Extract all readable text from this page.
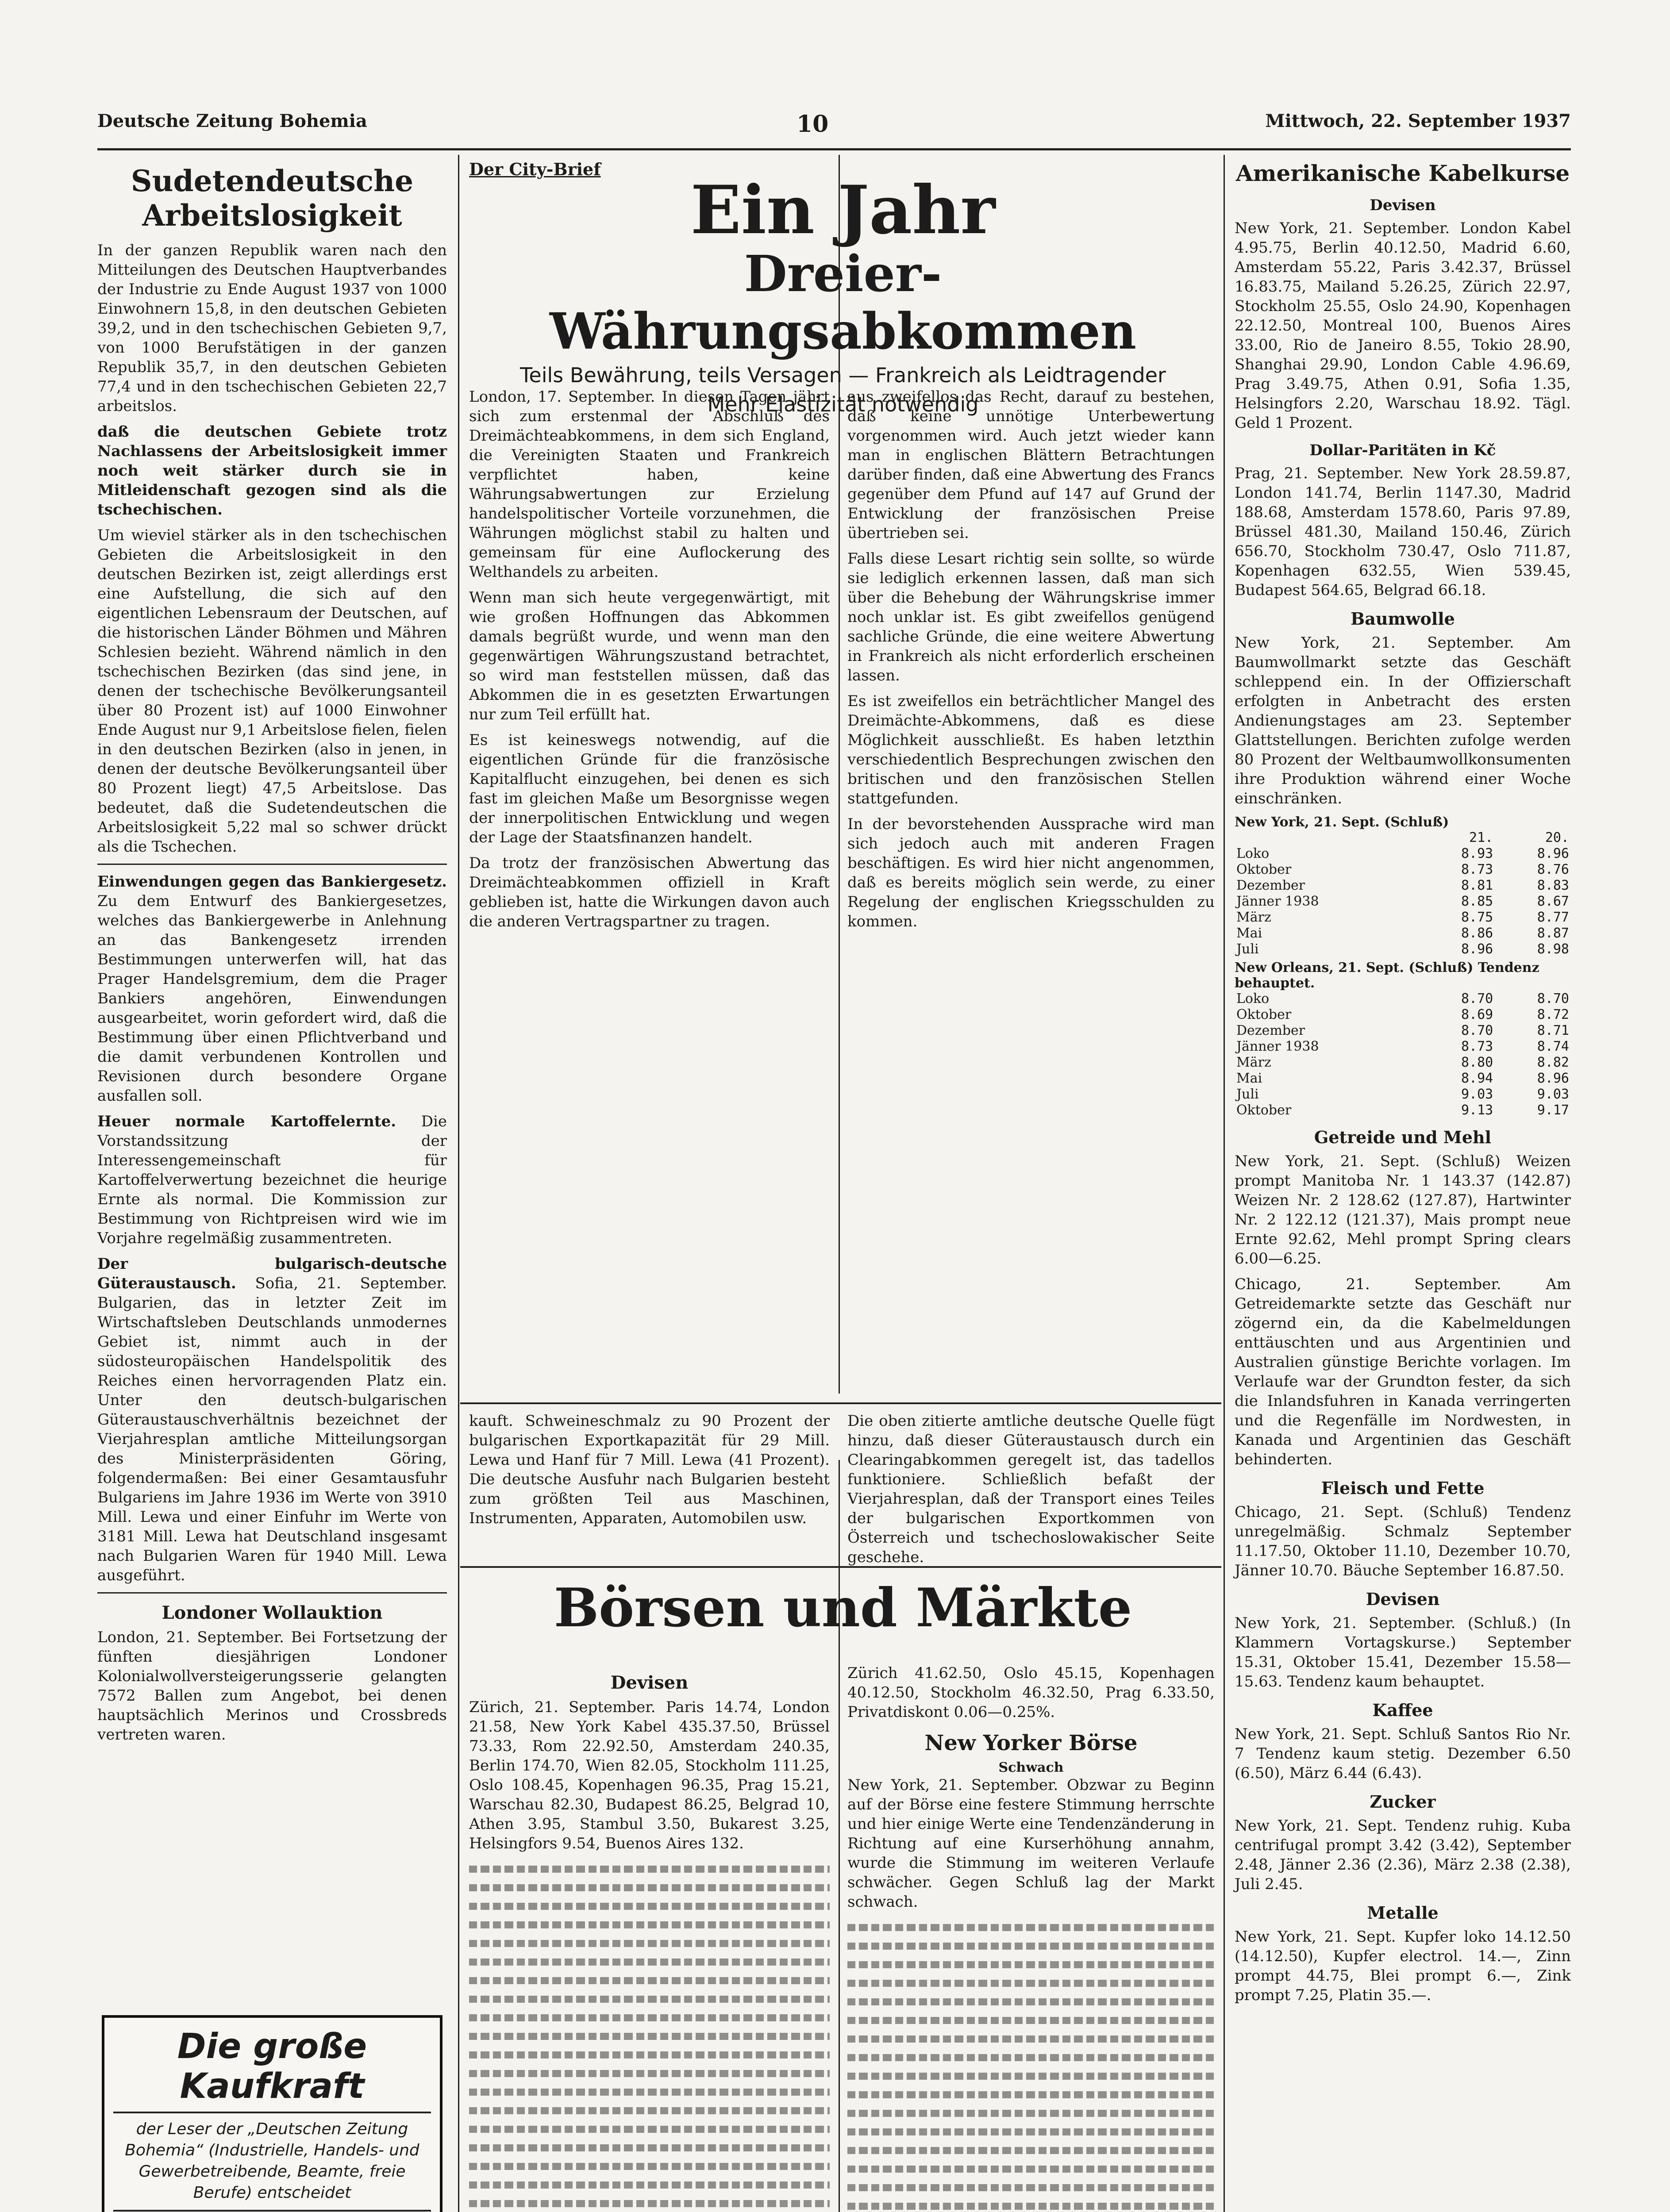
Deutsche Zeitung Bohemia	10	Mittwoch, 22. September 1937
Sudetendeutsche
Arbeitslosigkeit

In der ganzen Republik waren nach den Mitteilungen des Deutschen Hauptverbandes der Industrie zu Ende August 1937 von 1000 Einwohnern 15,8, in den deutschen Gebieten 39,2, und in den tschechischen Gebieten 9,7, von 1000 Berufstätigen in der ganzen Republik 35,7, in den deutschen Gebieten 77,4 und in den tschechischen Gebieten 22,7 arbeitslos.

daß die deutschen Gebiete trotz Nachlassens der Arbeitslosigkeit immer noch weit stärker durch sie in Mitleidenschaft gezogen sind als die tschechischen.

Um wieviel stärker als in den tschechischen Gebieten die Arbeitslosigkeit in den deutschen Bezirken ist, zeigt allerdings erst eine Aufstellung, die sich auf den eigentlichen Lebensraum der Deutschen, auf die historischen Länder Böhmen und Mähren Schlesien bezieht. Während nämlich in den tschechischen Bezirken (das sind jene, in denen der tschechische Bevölkerungsanteil über 80 Prozent ist) auf 1000 Einwohner Ende August nur 9,1 Arbeitslose fielen, fielen in den deutschen Bezirken (also in jenen, in denen der deutsche Bevölkerungsanteil über 80 Prozent liegt) 47,5 Arbeitslose. Das bedeutet, daß die Sudetendeutschen die Arbeitslosigkeit 5,22 mal so schwer drückt als die Tschechen.

Einwendungen gegen das Bankiergesetz. Zu dem Entwurf des Bankiergesetzes, welches das Bankiergewerbe in Anlehnung an das Bankengesetz irrenden Bestimmungen unterwerfen will, hat das Prager Handelsgremium, dem die Prager Bankiers angehören, Einwendungen ausgearbeitet, worin gefordert wird, daß die Bestimmung über einen Pflichtverband und die damit verbundenen Kontrollen und Revisionen durch besondere Organe ausfallen soll.

Heuer normale Kartoffelernte. Die Vorstandssitzung der Interessengemeinschaft für Kartoffelverwertung bezeichnet die heurige Ernte als normal. Die Kommission zur Bestimmung von Richtpreisen wird wie im Vorjahre regelmäßig zusammentreten.

Der bulgarisch-deutsche Güteraustausch. Sofia, 21. September. Bulgarien, das in letzter Zeit im Wirtschaftsleben Deutschlands unmodernes Gebiet ist, nimmt auch in der südosteuropäischen Handelspolitik des Reiches einen hervorragenden Platz ein. Unter den deutsch-bulgarischen Güteraustauschverhältnis bezeichnet der Vierjahresplan amtliche Mitteilungsorgan des Ministerpräsidenten Göring, folgendermaßen: Bei einer Gesamtausfuhr Bulgariens im Jahre 1936 im Werte von 3910 Mill. Lewa und einer Einfuhr im Werte von 3181 Mill. Lewa hat Deutschland insgesamt nach Bulgarien Waren für 1940 Mill. Lewa ausgeführt.

Londoner Wollauktion

London, 21. September. Bei Fortsetzung der fünften diesjährigen Londoner Kolonialwollversteigerungsserie gelangten 7572 Ballen zum Angebot, bei denen hauptsächlich Merinos und Crossbreds vertreten waren.

Die große Kaufkraft
der Leser der „Deutschen Zeitung Bohemia“ (Industrielle, Handels- und Gewerbetreibende, Beamte, freie Berufe) entscheidet
Der City-Brief
Ein Jahr
Dreier-Währungsabkommen
Teils Bewährung, teils Versagen — Frankreich als Leidtragender
Mehr Elastizität notwendig

London, 17. September. In diesen Tagen jährt sich zum erstenmal der Abschluß des Dreimächteabkommens, in dem sich England, die Vereinigten Staaten und Frankreich verpflichtet haben, keine Währungsabwertungen zur Erzielung handelspolitischer Vorteile vorzunehmen, die Währungen möglichst stabil zu halten und gemeinsam für eine Auflockerung des Welthandels zu arbeiten.

Wenn man sich heute vergegenwärtigt, mit wie großen Hoffnungen das Abkommen damals begrüßt wurde, und wenn man den gegenwärtigen Währungszustand betrachtet, so wird man feststellen müssen, daß das Abkommen die in es gesetzten Erwartungen nur zum Teil erfüllt hat.

Es ist keineswegs notwendig, auf die eigentlichen Gründe für die französische Kapitalflucht einzugehen, bei denen es sich fast im gleichen Maße um Besorgnisse wegen der innerpolitischen Entwicklung und wegen der Lage der Staatsfinanzen handelt.

Da trotz der französischen Abwertung das Dreimächteabkommen offiziell in Kraft geblieben ist, hatte die Wirkungen davon auch die anderen Vertragspartner zu tragen.

aus zweifellos das Recht, darauf zu bestehen, daß keine unnötige Unterbewertung vorgenommen wird. Auch jetzt wieder kann man in englischen Blättern Betrachtungen darüber finden, daß eine Abwertung des Francs gegenüber dem Pfund auf 147 auf Grund der Entwicklung der französischen Preise übertrieben sei.

Falls diese Lesart richtig sein sollte, so würde sie lediglich erkennen lassen, daß man sich über die Behebung der Währungskrise immer noch unklar ist. Es gibt zweifellos genügend sachliche Gründe, die eine weitere Abwertung in Frankreich als nicht erforderlich erscheinen lassen.

Es ist zweifellos ein beträchtlicher Mangel des Dreimächte-Abkommens, daß es diese Möglichkeit ausschließt. Es haben letzthin verschiedentlich Besprechungen zwischen den britischen und den französischen Stellen stattgefunden.

In der bevorstehenden Aussprache wird man sich jedoch auch mit anderen Fragen beschäftigen. Es wird hier nicht angenommen, daß es bereits möglich sein werde, zu einer Regelung der englischen Kriegsschulden zu kommen.

kauft. Schweineschmalz zu 90 Prozent der bulgarischen Exportkapazität für 29 Mill. Lewa und Hanf für 7 Mill. Lewa (41 Prozent). Die deutsche Ausfuhr nach Bulgarien besteht zum größten Teil aus Maschinen, Instrumenten, Apparaten, Automobilen usw.

Die oben zitierte amtliche deutsche Quelle fügt hinzu, daß dieser Güteraustausch durch ein Clearingabkommen geregelt ist, das tadellos funktioniere. Schließlich befaßt der Vierjahresplan, daß der Transport eines Teiles der bulgarischen Exportkommen von Österreich und tschechoslowakischer Seite geschehe.

Börsen und Märkte
Devisen

Zürich, 21. September. Paris 14.74, London 21.58, New York Kabel 435.37.50, Brüssel 73.33, Rom 22.92.50, Amsterdam 240.35, Berlin 174.70, Wien 82.05, Stockholm 111.25, Oslo 108.45, Kopenhagen 96.35, Prag 15.21, Warschau 82.30, Budapest 86.25, Belgrad 10, Athen 3.95, Stambul 3.50, Bukarest 3.25, Helsingfors 9.54, Buenos Aires 132.

Zürich 41.62.50, Oslo 45.15, Kopenhagen 40.12.50, Stockholm 46.32.50, Prag 6.33.50, Privatdiskont 0.06—0.25%.

New Yorker Börse
Schwach

New York, 21. September. Obzwar zu Beginn auf der Börse eine festere Stimmung herrschte und hier einige Werte eine Tendenzänderung in Richtung auf eine Kurserhöhung annahm, wurde die Stimmung im weiteren Verlaufe schwächer. Gegen Schluß lag der Markt schwach.

Amerikanische Kabelkurse
Devisen

New York, 21. September. London Kabel 4.95.75, Berlin 40.12.50, Madrid 6.60, Amsterdam 55.22, Paris 3.42.37, Brüssel 16.83.75, Mailand 5.26.25, Zürich 22.97, Stockholm 25.55, Oslo 24.90, Kopenhagen 22.12.50, Montreal 100, Buenos Aires 33.00, Rio de Janeiro 8.55, Tokio 28.90, Shanghai 29.90, London Cable 4.96.69, Prag 3.49.75, Athen 0.91, Sofia 1.35, Helsingfors 2.20, Warschau 18.92. Tägl. Geld 1 Prozent.

Dollar-Paritäten in Kč

Prag, 21. September. New York 28.59.87, London 141.74, Berlin 1147.30, Madrid 188.68, Amsterdam 1578.60, Paris 97.89, Brüssel 481.30, Mailand 150.46, Zürich 656.70, Stockholm 730.47, Oslo 711.87, Kopenhagen 632.55, Wien 539.45, Budapest 564.65, Belgrad 66.18.

Baumwolle

New York, 21. September. Am Baumwollmarkt setzte das Geschäft schleppend ein. In der Offizierschaft erfolgten in Anbetracht des ersten Andienungstages am 23. September Glattstellungen. Berichten zufolge werden 80 Prozent der Weltbaumwollkonsumenten ihre Produktion während einer Woche einschränken.

New York, 21. Sept. (Schluß)
	21.	20.
Loko	8.93	8.96
Oktober	8.73	8.76
Dezember	8.81	8.83
Jänner 1938	8.85	8.67
März	8.75	8.77
Mai	8.86	8.87
Juli	8.96	8.98
New Orleans, 21. Sept. (Schluß) Tendenz behauptet.
Loko	8.70	8.70
Oktober	8.69	8.72
Dezember	8.70	8.71
Jänner 1938	8.73	8.74
März	8.80	8.82
Mai	8.94	8.96
Juli	9.03	9.03
Oktober	9.13	9.17
Getreide und Mehl

New York, 21. Sept. (Schluß) Weizen prompt Manitoba Nr. 1 143.37 (142.87) Weizen Nr. 2 128.62 (127.87), Hartwinter Nr. 2 122.12 (121.37), Mais prompt neue Ernte 92.62, Mehl prompt Spring clears 6.00—6.25.

Chicago, 21. September. Am Getreidemarkte setzte das Geschäft nur zögernd ein, da die Kabelmeldungen enttäuschten und aus Argentinien und Australien günstige Berichte vorlagen. Im Verlaufe war der Grundton fester, da sich die Inlandsfuhren in Kanada verringerten und die Regenfälle im Nordwesten, in Kanada und Argentinien das Geschäft behinderten.

Fleisch und Fette

Chicago, 21. Sept. (Schluß) Tendenz unregelmäßig. Schmalz September 11.17.50, Oktober 11.10, Dezember 10.70, Jänner 10.70. Bäuche September 16.87.50.

Devisen

New York, 21. September. (Schluß.) (In Klammern Vortagskurse.) September 15.31, Oktober 15.41, Dezember 15.58—15.63. Tendenz kaum behauptet.

Kaffee

New York, 21. Sept. Schluß Santos Rio Nr. 7 Tendenz kaum stetig. Dezember 6.50 (6.50), März 6.44 (6.43).

Zucker

New York, 21. Sept. Tendenz ruhig. Kuba centrifugal prompt 3.42 (3.42), September 2.48, Jänner 2.36 (2.36), März 2.38 (2.38), Juli 2.45.

Metalle

New York, 21. Sept. Kupfer loko 14.12.50 (14.12.50), Kupfer electrol. 14.—, Zinn prompt 44.75, Blei prompt 6.—, Zink prompt 7.25, Platin 35.—.
